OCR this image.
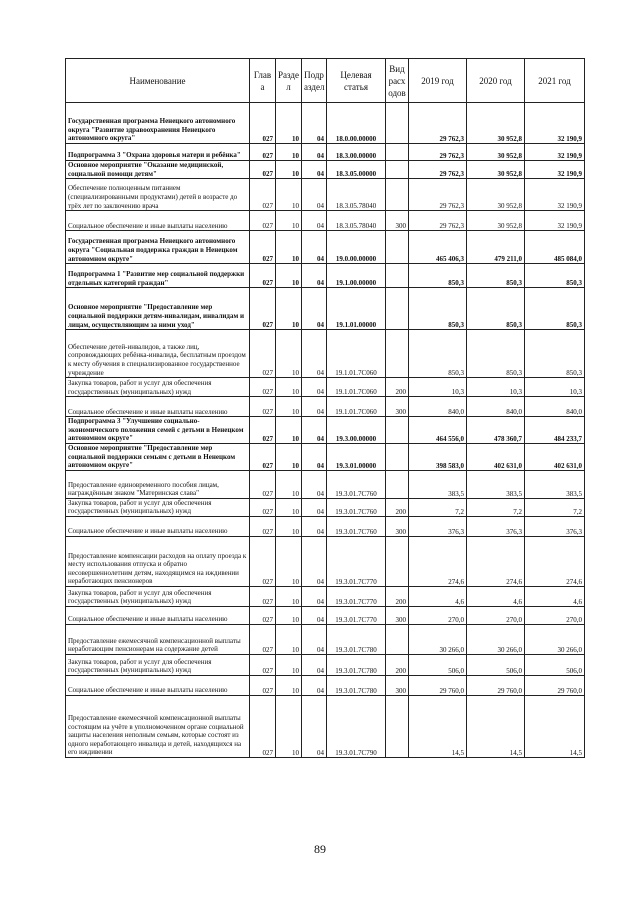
Наименование	Глав а	Разде л	Подр аздел	Целевая статья	Вид расх одов	2019 год	2020 год	2021 год
Государственная программа Ненецкого автономного округа "Развитие здравоохранения Ненецкого автономного округа"	027	10	04	18.0.00.00000		29 762,3	30 952,8	32 190,9
Подпрограмма 3 "Охрана здоровья матери и ребёнка"	027	10	04	18.3.00.00000		29 762,3	30 952,8	32 190,9
Основное мероприятие "Оказание медицинской, социальной помощи детям"	027	10	04	18.3.05.00000		29 762,3	30 952,8	32 190,9
Обеспечение полноценным питанием (специализированными продуктами) детей в возрасте до трёх лет по заключению врача	027	10	04	18.3.05.78040		29 762,3	30 952,8	32 190,9
Социальное обеспечение и иные выплаты населению	027	10	04	18.3.05.78040	300	29 762,3	30 952,8	32 190,9
Государственная программа Ненецкого автономного округа "Социальная поддержка граждан в Ненецком автономном округе"	027	10	04	19.0.00.00000		465 406,3	479 211,0	485 084,0
Подпрограмма 1 "Развитие мер социальной поддержки отдельных категорий граждан"	027	10	04	19.1.00.00000		850,3	850,3	850,3
Основное мероприятие "Предоставление мер социальной поддержки детям-инвалидам, инвалидам и лицам, осуществляющим за ними уход"	027	10	04	19.1.01.00000		850,3	850,3	850,3
Обеспечение детей-инвалидов, а также лиц, сопровождающих ребёнка-инвалида, бесплатным проездом к месту обучения в специализированное государственное учреждение	027	10	04	19.1.01.7С060		850,3	850,3	850,3
Закупка товаров, работ и услуг для обеспечения государственных (муниципальных) нужд	027	10	04	19.1.01.7С060	200	10,3	10,3	10,3
Социальное обеспечение и иные выплаты населению	027	10	04	19.1.01.7С060	300	840,0	840,0	840,0
Подпрограмма 3 "Улучшение социально-экономического положения семей с детьми в Ненецком автономном округе"	027	10	04	19.3.00.00000		464 556,0	478 360,7	484 233,7
Основное мероприятие "Предоставление мер социальной поддержки семьям с детьми в Ненецком автономном округе"	027	10	04	19.3.01.00000		398 583,0	402 631,0	402 631,0
Предоставление единовременного пособия лицам, награждённым знаком "Материнская слава"	027	10	04	19.3.01.7С760		383,5	383,5	383,5
Закупка товаров, работ и услуг для обеспечения государственных (муниципальных) нужд	027	10	04	19.3.01.7С760	200	7,2	7,2	7,2
Социальное обеспечение и иные выплаты населению	027	10	04	19.3.01.7С760	300	376,3	376,3	376,3
Предоставление компенсации расходов на оплату проезда к месту использования отпуска и обратно несовершеннолетним детям, находящимся на иждивении неработающих пенсионеров	027	10	04	19.3.01.7С770		274,6	274,6	274,6
Закупка товаров, работ и услуг для обеспечения государственных (муниципальных) нужд	027	10	04	19.3.01.7С770	200	4,6	4,6	4,6
Социальное обеспечение и иные выплаты населению	027	10	04	19.3.01.7С770	300	270,0	270,0	270,0
Предоставление ежемесячной компенсационной выплаты неработающим пенсионерам на содержание детей	027	10	04	19.3.01.7С780		30 266,0	30 266,0	30 266,0
Закупка товаров, работ и услуг для обеспечения государственных (муниципальных) нужд	027	10	04	19.3.01.7С780	200	506,0	506,0	506,0
Социальное обеспечение и иные выплаты населению	027	10	04	19.3.01.7С780	300	29 760,0	29 760,0	29 760,0
Предоставление ежемесячной компенсационной выплаты состоящим на учёте в уполномоченном органе социальной защиты населения неполным семьям, которые состоят из одного неработающего инвалида и детей, находящихся на его иждивении	027	10	04	19.3.01.7С790		14,5	14,5	14,5
89
